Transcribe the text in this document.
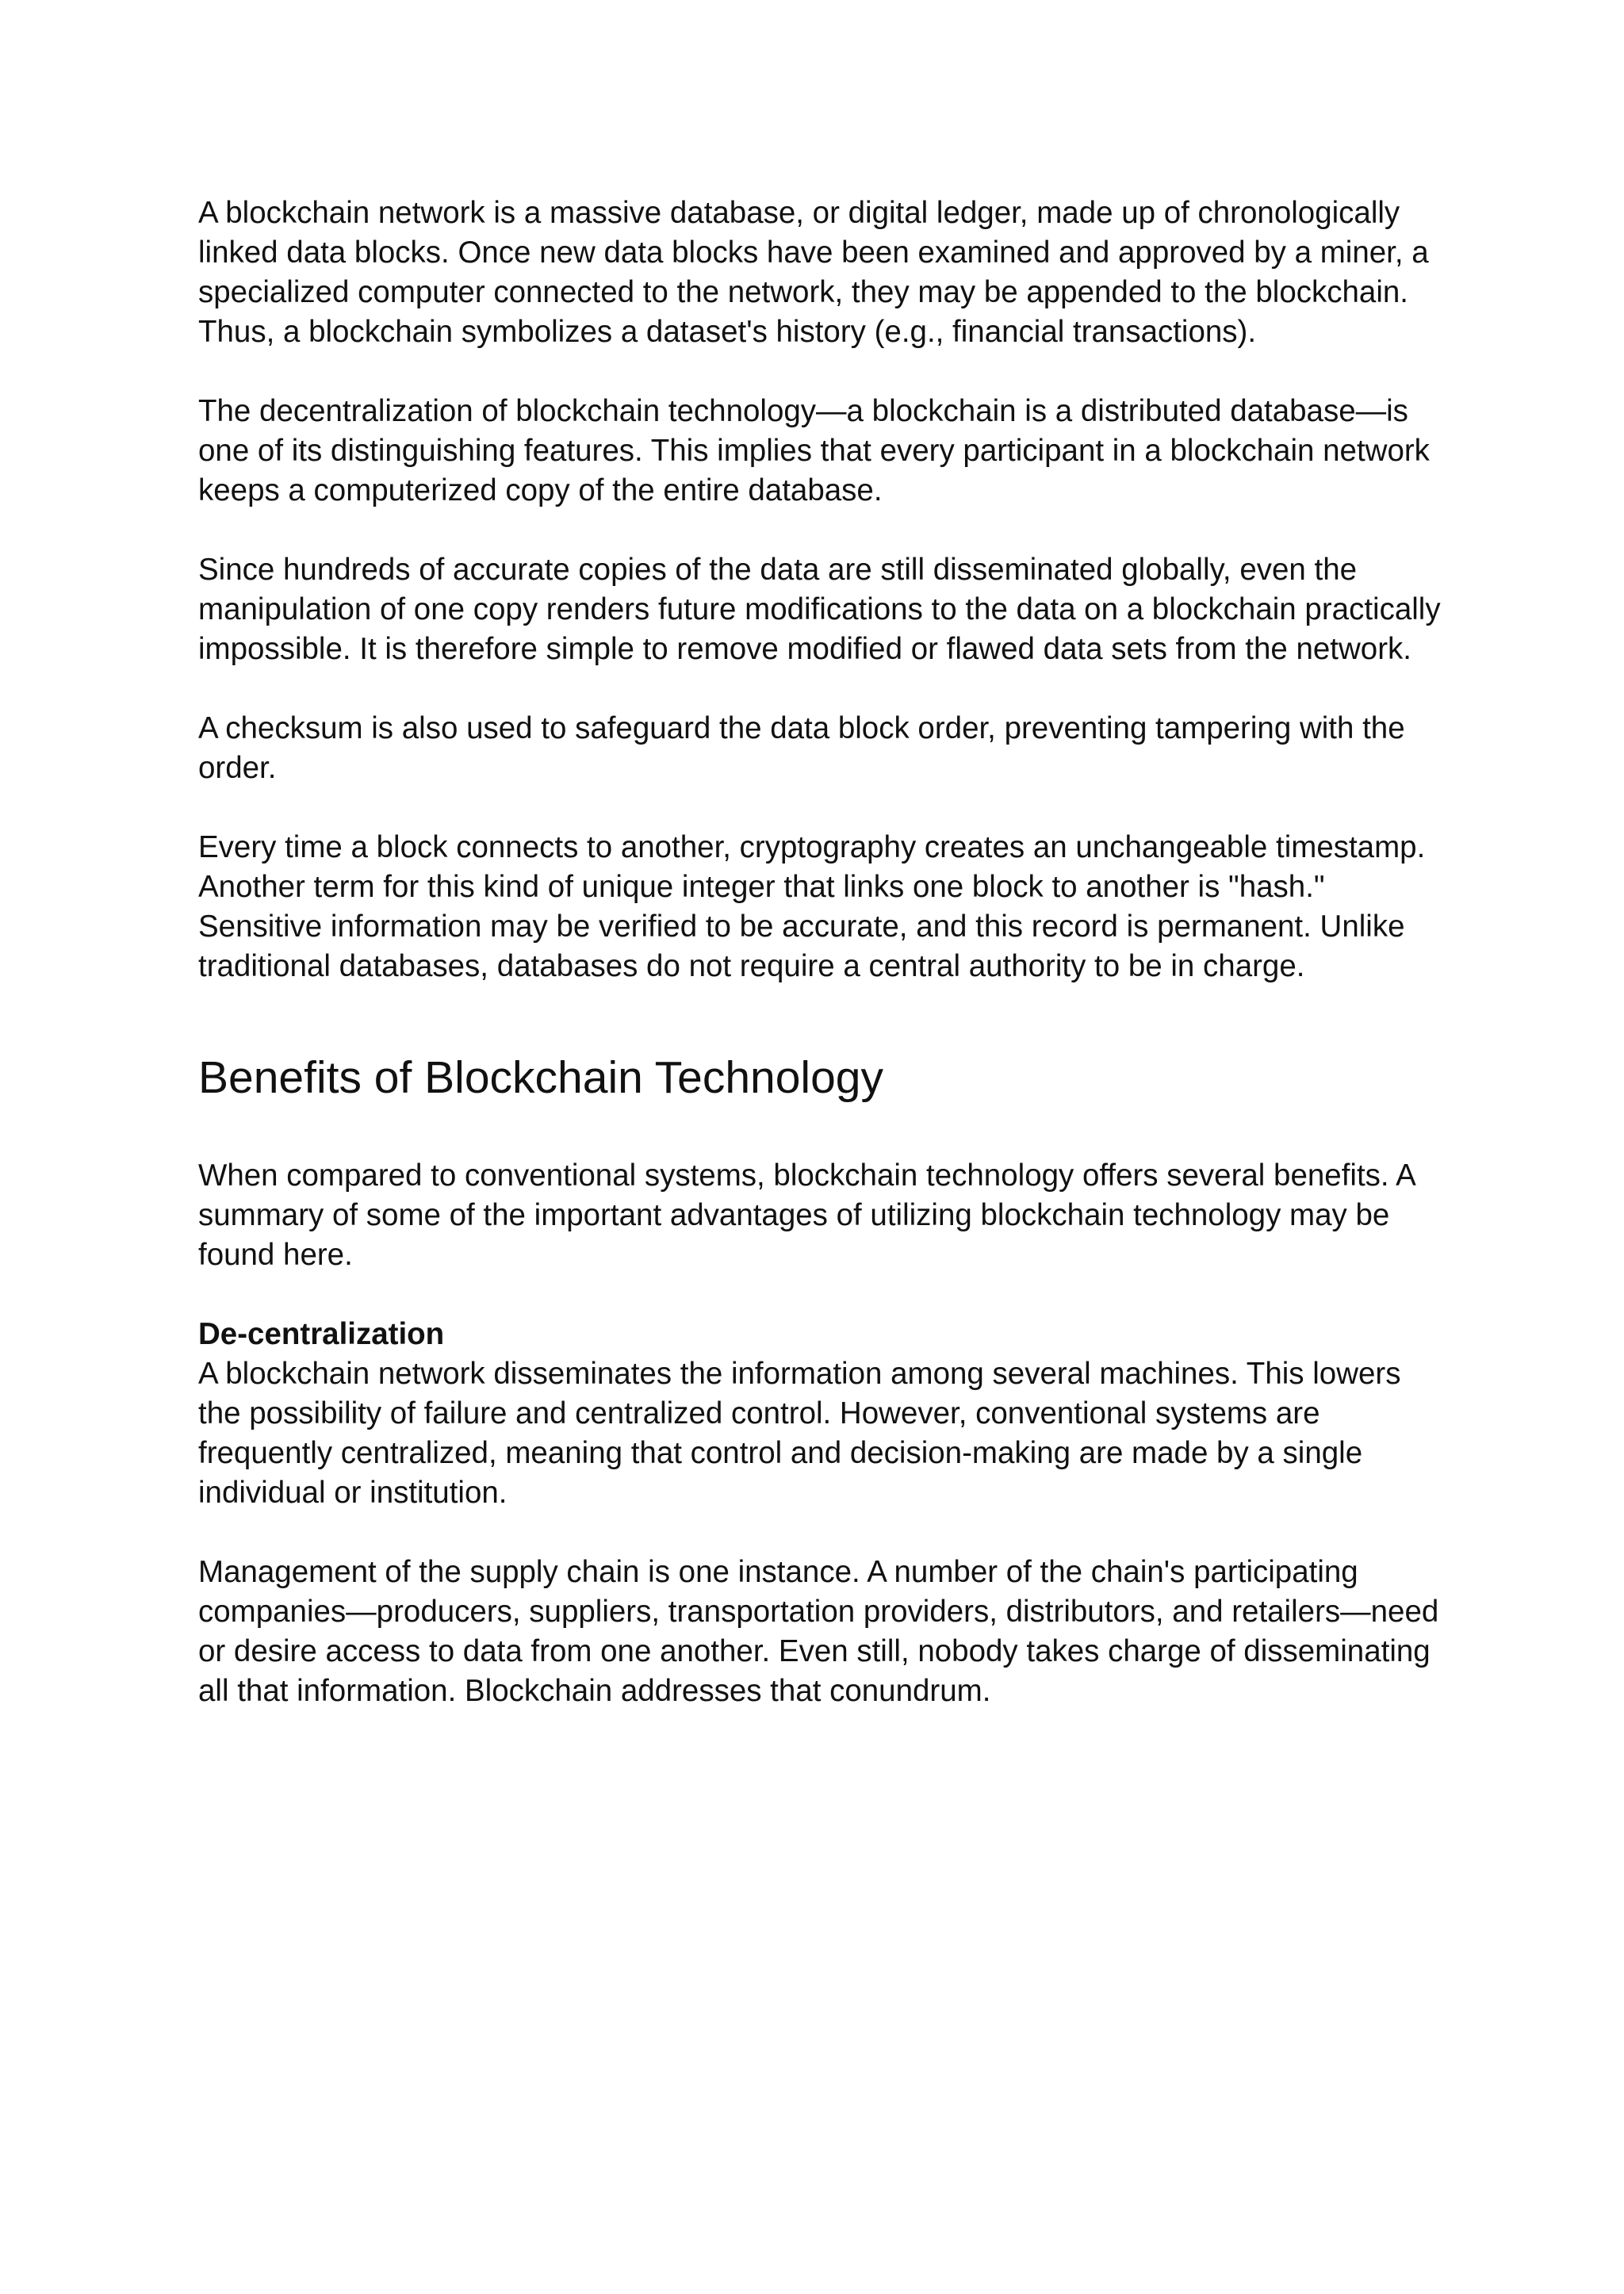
A blockchain network is a massive database, or digital ledger, made up of chronologically linked data blocks. Once new data blocks have been examined and approved by a miner, a specialized computer connected to the network, they may be appended to the blockchain. Thus, a blockchain symbolizes a dataset's history (e.g., financial transactions).

The decentralization of blockchain technology—a blockchain is a distributed database—is one of its distinguishing features. This implies that every participant in a blockchain network keeps a computerized copy of the entire database.

Since hundreds of accurate copies of the data are still disseminated globally, even the manipulation of one copy renders future modifications to the data on a blockchain practically impossible. It is therefore simple to remove modified or flawed data sets from the network.

A checksum is also used to safeguard the data block order, preventing tampering with the order.

Every time a block connects to another, cryptography creates an unchangeable timestamp. Another term for this kind of unique integer that links one block to another is "hash." Sensitive information may be verified to be accurate, and this record is permanent. Unlike traditional databases, databases do not require a central authority to be in charge.

Benefits of Blockchain Technology

When compared to conventional systems, blockchain technology offers several benefits. A summary of some of the important advantages of utilizing blockchain technology may be found here.

De-centralization

A blockchain network disseminates the information among several machines. This lowers the possibility of failure and centralized control. However, conventional systems are frequently centralized, meaning that control and decision-making are made by a single individual or institution.

Management of the supply chain is one instance. A number of the chain's participating companies—producers, suppliers, transportation providers, distributors, and retailers—need or desire access to data from one another. Even still, nobody takes charge of disseminating all that information. Blockchain addresses that conundrum.
